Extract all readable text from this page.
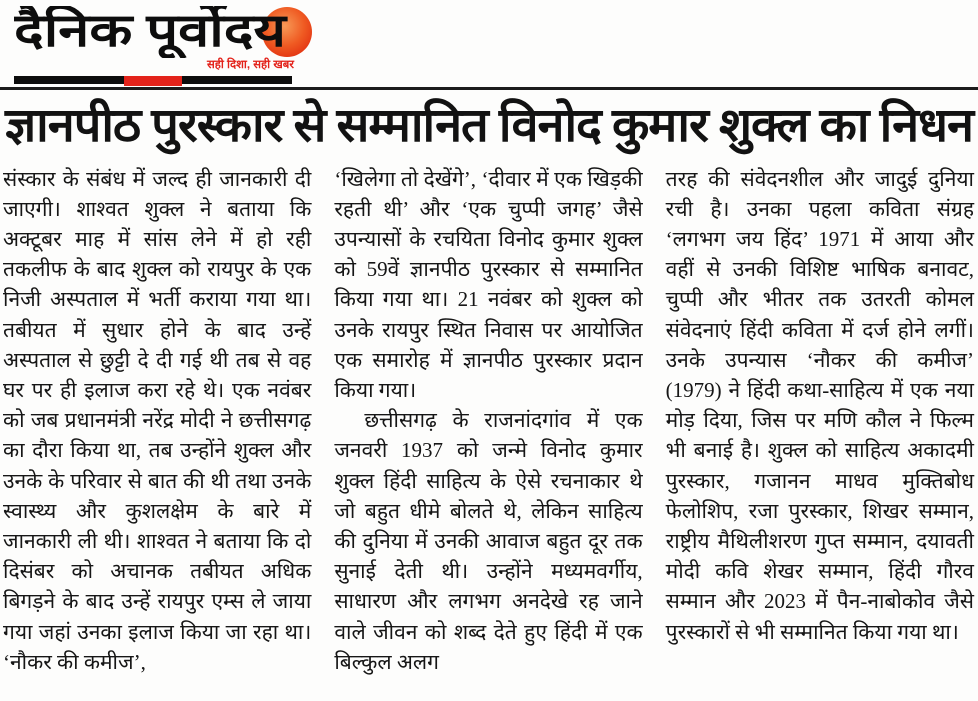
दैनिक पूर्वोदय
सही दिशा, सही खबर
ज्ञानपीठ पुरस्कार से सम्मानित विनोद कुमार शुक्ल का निधन

संस्कार के संबंध में जल्द ही जानकारी दी जाएगी। शाश्वत शुक्ल ने बताया कि अक्टूबर माह में सांस लेने में हो रही तकलीफ के बाद शुक्ल को रायपुर के एक निजी अस्पताल में भर्ती कराया गया था। तबीयत में सुधार होने के बाद उन्हें अस्पताल से छुट्टी दे दी गई थी तब से वह घर पर ही इलाज करा रहे थे। एक नवंबर को जब प्रधानमंत्री नरेंद्र मोदी ने छत्तीसगढ़ का दौरा किया था, तब उन्होंने शुक्ल और उनके के परिवार से बात की थी तथा उनके स्वास्थ्य और कुशलक्षेम के बारे में जानकारी ली थी। शाश्वत ने बताया कि दो दिसंबर को अचानक तबीयत अधिक बिगड़ने के बाद उन्हें रायपुर एम्स ले जाया गया जहां उनका इलाज किया जा रहा था। ‘नौकर की कमीज’,

‘खिलेगा तो देखेंगे’, ‘दीवार में एक खिड़की रहती थी’ और ‘एक चुप्पी जगह’ जैसे उपन्यासों के रचयिता विनोद कुमार शुक्ल को 59वें ज्ञानपीठ पुरस्कार से सम्मानित किया गया था। 21 नवंबर को शुक्ल को उनके रायपुर स्थित निवास पर आयोजित एक समारोह में ज्ञानपीठ पुरस्कार प्रदान किया गया।

छत्तीसगढ़ के राजनांदगांव में एक जनवरी 1937 को जन्मे विनोद कुमार शुक्ल हिंदी साहित्य के ऐसे रचनाकार थे जो बहुत धीमे बोलते थे, लेकिन साहित्य की दुनिया में उनकी आवाज बहुत दूर तक सुनाई देती थी। उन्होंने मध्यमवर्गीय, साधारण और लगभग अनदेखे रह जाने वाले जीवन को शब्द देते हुए हिंदी में एक बिल्कुल अलग

तरह की संवेदनशील और जादुई दुनिया रची है। उनका पहला कविता संग्रह ‘लगभग जय हिंद’ 1971 में आया और वहीं से उनकी विशिष्ट भाषिक बनावट, चुप्पी और भीतर तक उतरती कोमल संवेदनाएं हिंदी कविता में दर्ज होने लगीं। उनके उपन्यास ‘नौकर की कमीज’ (1979) ने हिंदी कथा-साहित्य में एक नया मोड़ दिया, जिस पर मणि कौल ने फिल्म भी बनाई है। शुक्ल को साहित्य अकादमी पुरस्कार, गजानन माधव मुक्तिबोध फेलोशिप, रजा पुरस्कार, शिखर सम्मान, राष्ट्रीय मैथिलीशरण गुप्त सम्मान, दयावती मोदी कवि शेखर सम्मान, हिंदी गौरव सम्मान और 2023 में पैन-नाबोकोव जैसे पुरस्कारों से भी सम्मानित किया गया था।
